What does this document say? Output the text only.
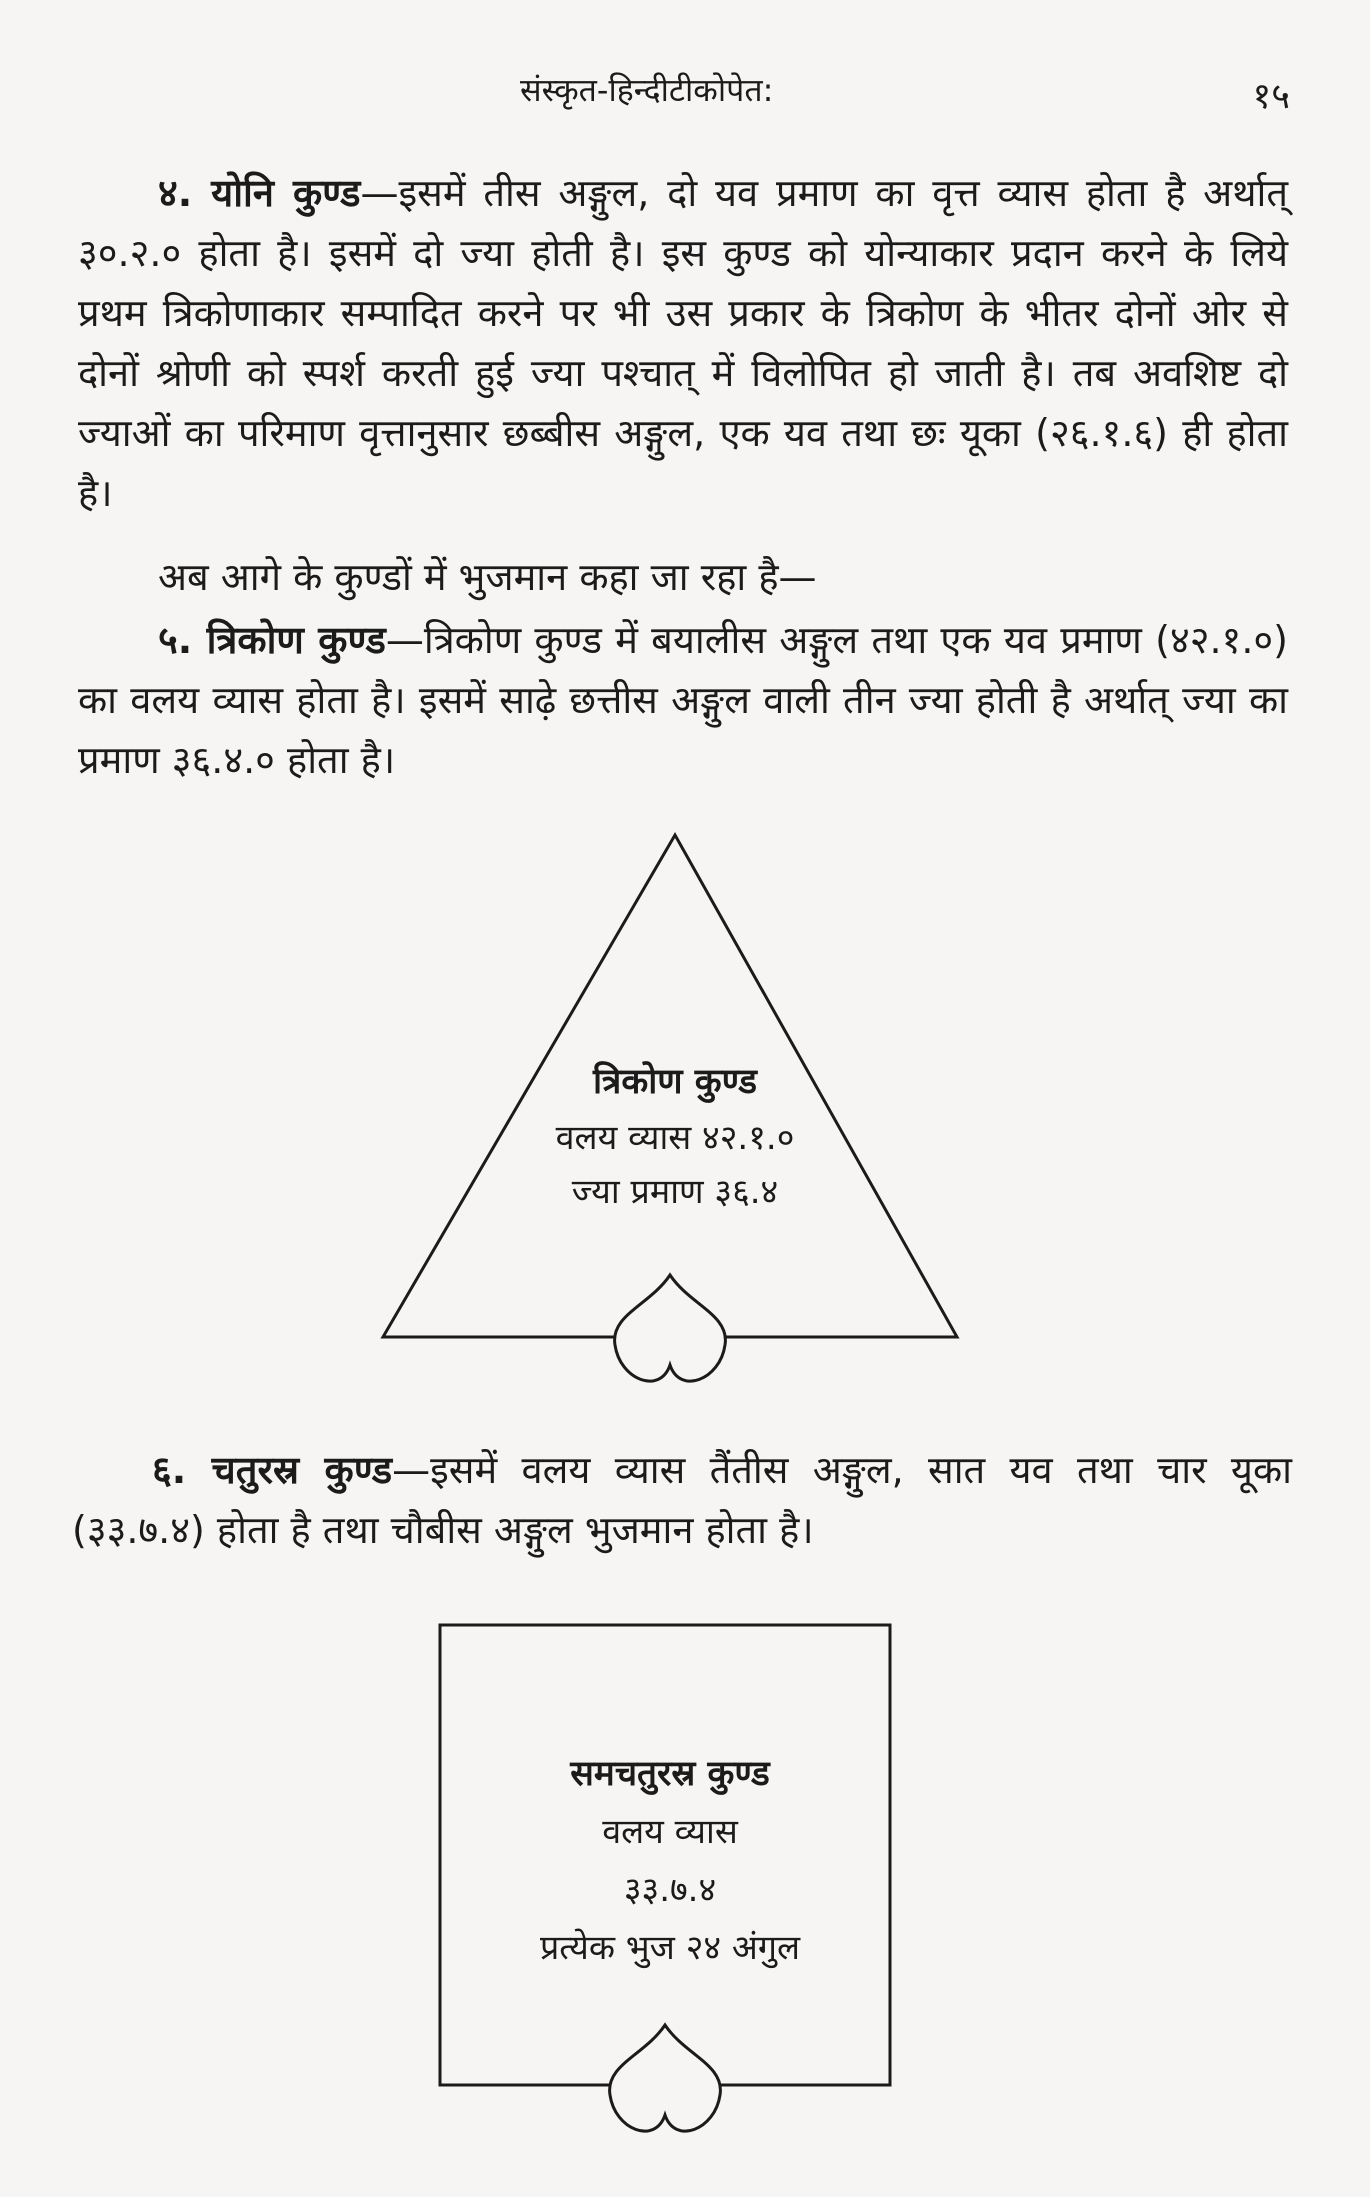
संस्कृत-हिन्दीटीकोपेत:	१५

४. योनि कुण्ड—इसमें तीस अङ्गुल, दो यव प्रमाण का वृत्त व्यास होता है अर्थात् ३०.२.० होता है। इसमें दो ज्या होती है। इस कुण्ड को योन्याकार प्रदान करने के लिये प्रथम त्रिकोणाकार सम्पादित करने पर भी उस प्रकार के त्रिकोण के भीतर दोनों ओर से दोनों श्रोणी को स्पर्श करती हुई ज्या पश्चात् में विलोपित हो जाती है। तब अवशिष्ट दो ज्याओं का परिमाण वृत्तानुसार छब्बीस अङ्गुल, एक यव तथा छः यूका (२६.१.६) ही होता है।

अब आगे के कुण्डों में भुजमान कहा जा रहा है—

५. त्रिकोण कुण्ड—त्रिकोण कुण्ड में बयालीस अङ्गुल तथा एक यव प्रमाण (४२.१.०) का वलय व्यास होता है। इसमें साढ़े छत्तीस अङ्गुल वाली तीन ज्या होती है अर्थात् ज्या का प्रमाण ३६.४.० होता है।

त्रिकोण कुण्ड
वलय व्यास ४२.१.०
ज्या प्रमाण ३६.४

६. चतुरस्र कुण्ड—इसमें वलय व्यास तैंतीस अङ्गुल, सात यव तथा चार यूका (३३.७.४) होता है तथा चौबीस अङ्गुल भुजमान होता है।

समचतुरस्र कुण्ड
वलय व्यास
३३.७.४
प्रत्येक भुज २४ अंगुल
